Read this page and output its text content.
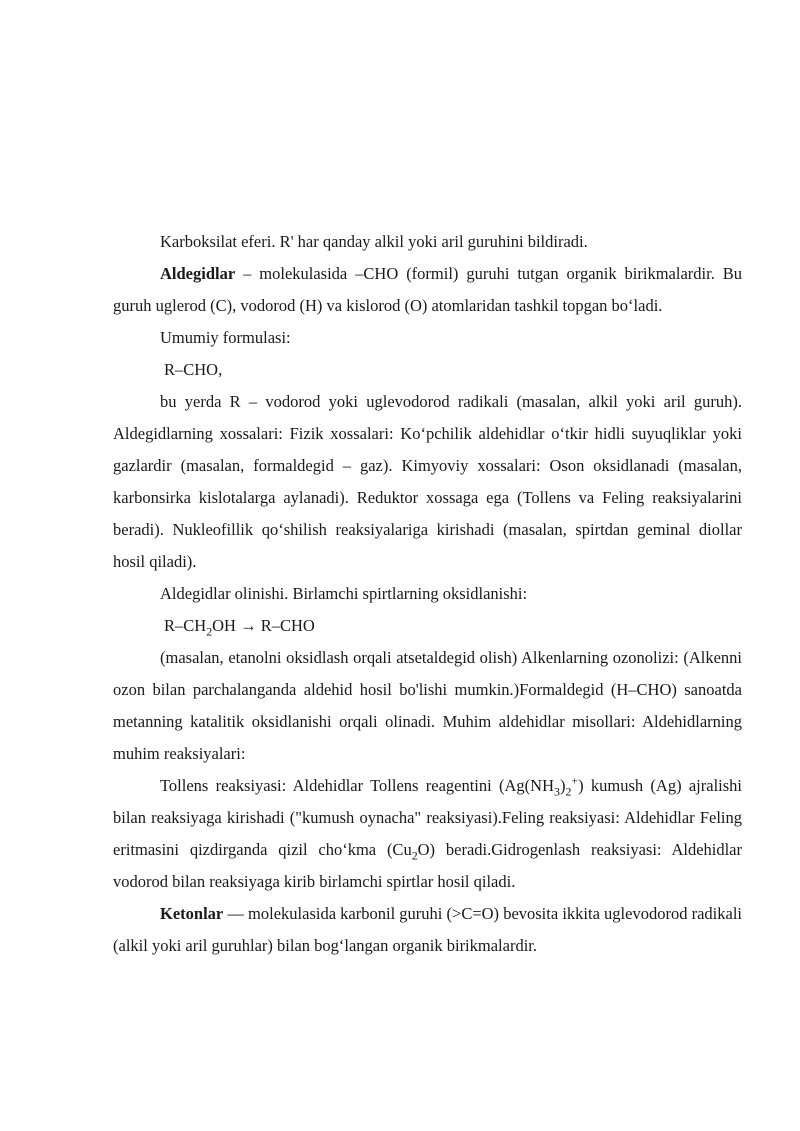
Karboksilat eferi. R' har qanday alkil yoki aril guruhini bildiradi.

Aldegidlar – molekulasida –CHO (formil) guruhi tutgan organik birikmalardir. Bu guruh uglerod (C), vodorod (H) va kislorod (O) atomlaridan tashkil topgan bo‘ladi.

Umumiy formulasi:

R–CHO,

bu yerda R – vodorod yoki uglevodorod radikali (masalan, alkil yoki aril guruh). Aldegidlarning xossalari: Fizik xossalari: Ko‘pchilik aldehidlar o‘tkir hidli suyuqliklar yoki gazlardir (masalan, formaldegid – gaz). Kimyoviy xossalari: Oson oksidlanadi (masalan, karbonsirka kislotalarga aylanadi). Reduktor xossaga ega (Tollens va Feling reaksiyalarini beradi). Nukleofillik qo‘shilish reaksiyalariga kirishadi (masalan, spirtdan geminal diollar hosil qiladi).

Aldegidlar olinishi. Birlamchi spirtlarning oksidlanishi:

$R-CH_2OH \to R-CHO$

(masalan, etanolni oksidlash orqali atsetaldegid olish) Alkenlarning ozonolizi: (Alkenni ozon bilan parchalanganda aldehid hosil bo'lishi mumkin.)Formaldegid (H–CHO) sanoatda metanning katalitik oksidlanishi orqali olinadi. Muhim aldehidlar misollari: Aldehidlarning muhim reaksiyalari:

Tollens reaksiyasi: Aldehidlar Tollens reagentini $(Ag(NH_3)_2^+)$ kumush (Ag) ajralishi bilan reaksiyaga kirishadi ("kumush oynacha" reaksiyasi).Feling reaksiyasi: Aldehidlar Feling eritmasini qizdirganda qizil cho‘kma $(Cu_2O)$ beradi.Gidrogenlash reaksiyasi: Aldehidlar vodorod bilan reaksiyaga kirib birlamchi spirtlar hosil qiladi.

Ketonlar — molekulasida karbonil guruhi (>C=O) bevosita ikkita uglevodorod radikali (alkil yoki aril guruhlar) bilan bog‘langan organik birikmalardir.
